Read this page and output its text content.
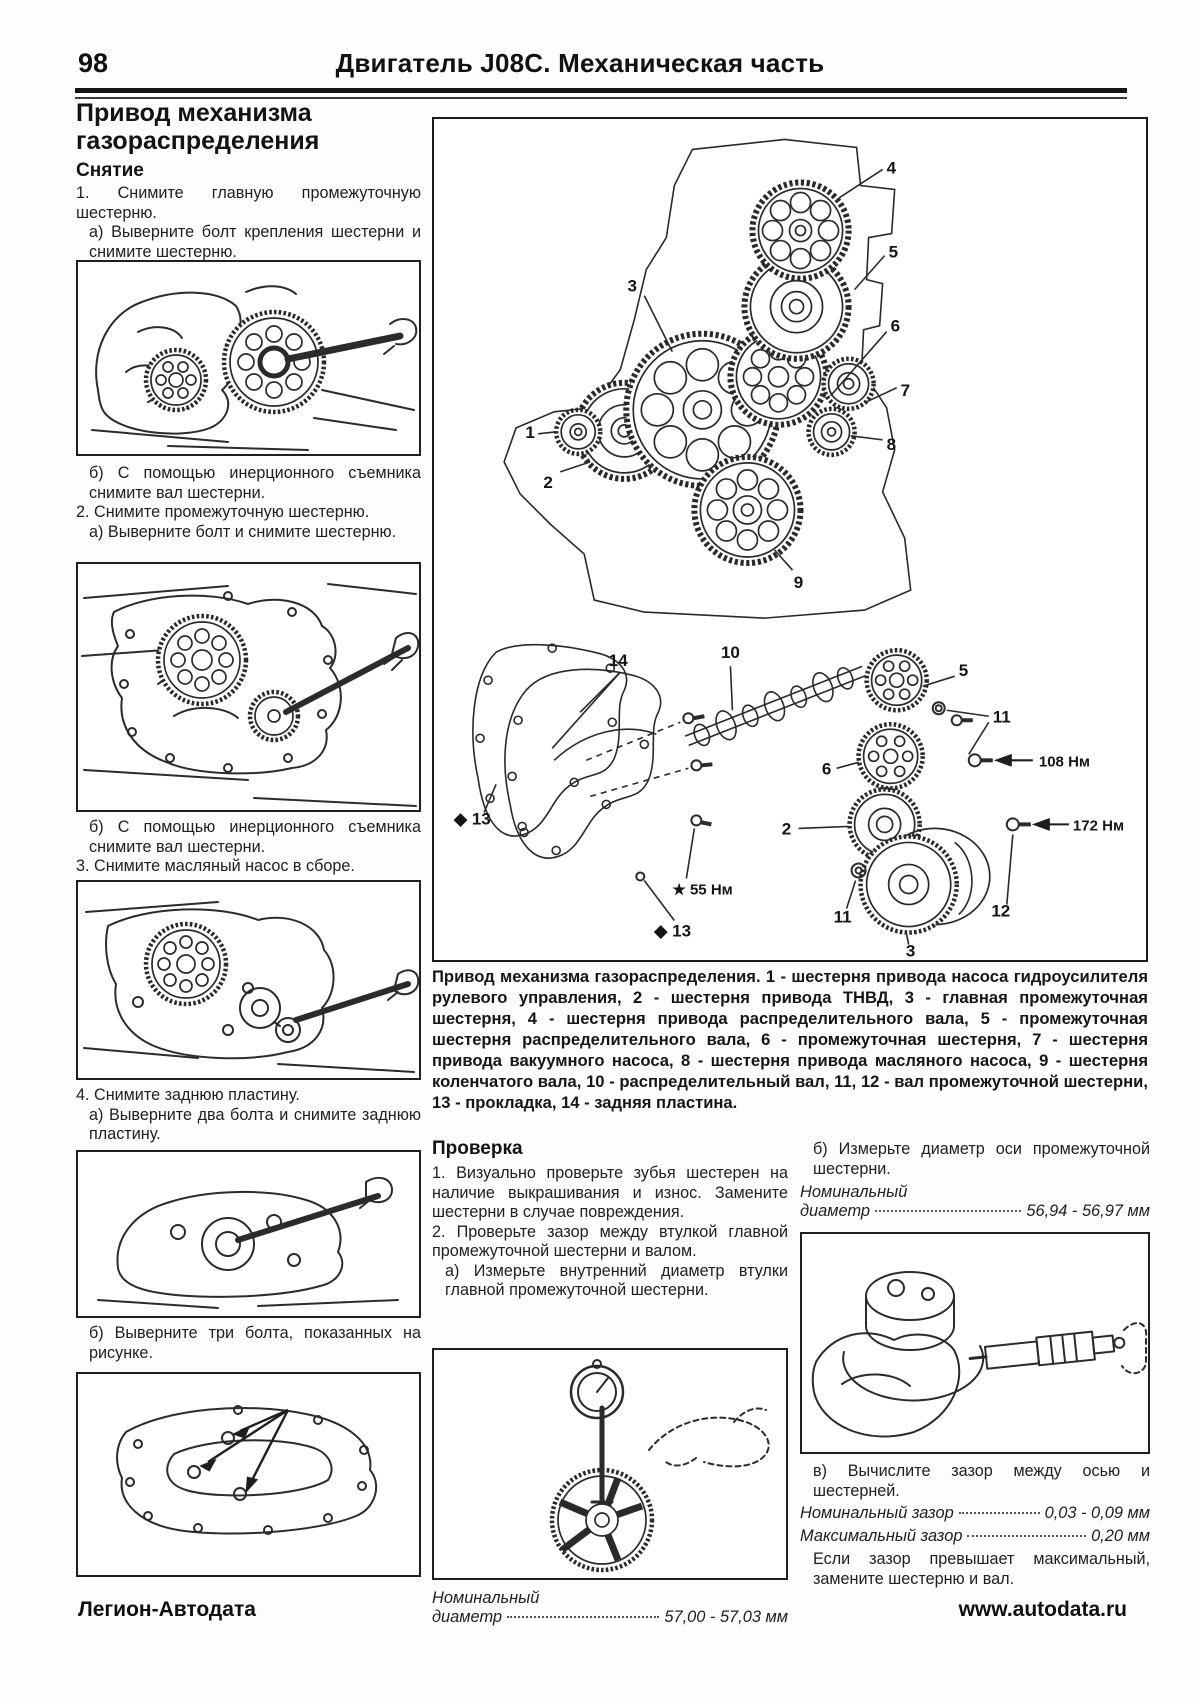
98	Двигатель J08C. Механическая часть
Привод механизма
газораспределения
Снятие

1. Снимите главную промежуточную шестерню.

а) Выверните болт крепления шестерни и снимите шестерню.

б) С помощью инерционного съемника снимите вал шестерни.

2. Снимите промежуточную шестерню.

а) Выверните болт и снимите шестерню.

б) С помощью инерционного съемника снимите вал шестерни.

3. Снимите масляный насос в сборе.

4. Снимите заднюю пластину.

а) Выверните два болта и снимите заднюю пластину.

б) Выверните три болта, показанных на рисунке.

4
5
3
6
7
1
2
8
9
14	10
5
11
108 Нм
6
2	172 Нм
◆ 13
★ 55 Нм
◆ 13
11	12
3
Привод механизма газораспределения. 1 - шестерня привода насоса гидроусилителя рулевого управления, 2 - шестерня привода ТНВД, 3 - главная промежуточная шестерня, 4 - шестерня привода распределительного вала, 5 - промежуточная шестерня распределительного вала, 6 - промежуточная шестерня, 7 - шестерня привода вакуумного насоса, 8 - шестерня привода масляного насоса, 9 - шестерня коленчатого вала, 10 - распределительный вал, 11, 12 - вал промежуточной шестерни, 13 - прокладка, 14 - задняя пластина.
Проверка

1. Визуально проверьте зубья шестерен на наличие выкрашивания и износ. Замените шестерни в случае повреждения.

2. Проверьте зазор между втулкой главной промежуточной шестерни и валом.

а) Измерьте внутренний диаметр втулки главной промежуточной шестерни.

Номинальный
диаметр	57,00 - 57,03 мм

б) Измерьте диаметр оси промежуточной шестерни.

Номинальный
диаметр	56,94 - 56,97 мм

в) Вычислите зазор между осью и шестерней.

Номинальный зазор	0,03 - 0,09 мм
Максимальный зазор	0,20 мм

Если зазор превышает максимальный, замените шестерню и вал.

Легион-Автодата	www.autodata.ru
